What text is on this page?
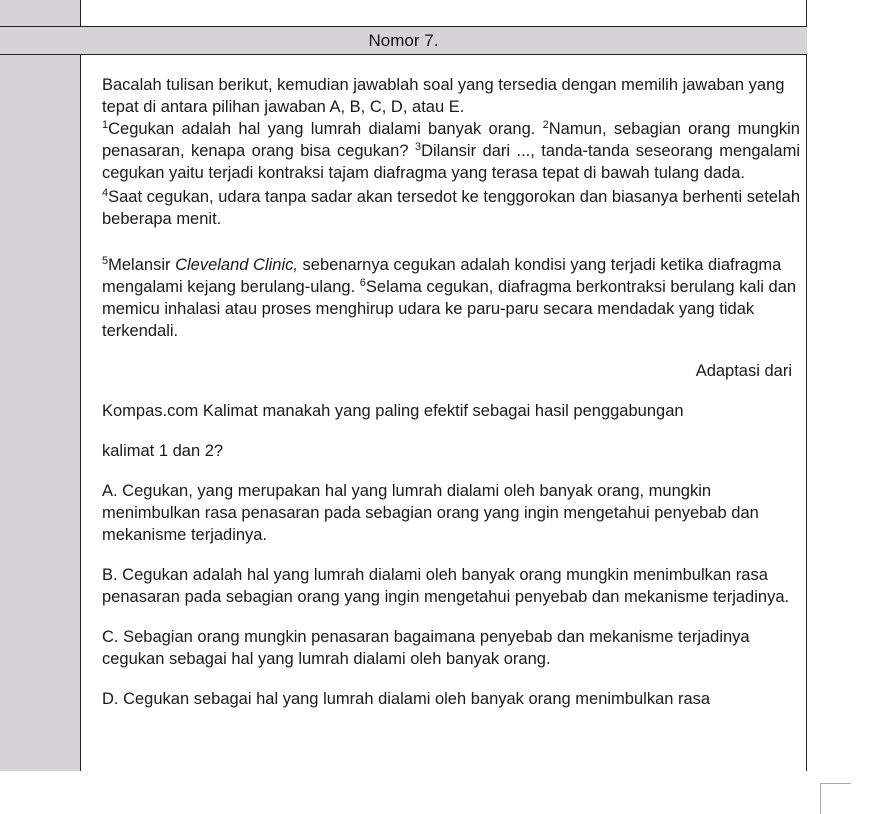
Nomor 7.

Bacalah tulisan berikut, kemudian jawablah soal yang tersedia dengan memilih jawaban yang tepat di antara pilihan jawaban A, B, C, D, atau E.

$^1$Cegukan adalah hal yang lumrah dialami banyak orang. $^2$Namun, sebagian orang mungkin penasaran, kenapa orang bisa cegukan? $^3$Dilansir dari ..., tanda-tanda seseorang mengalami cegukan yaitu terjadi kontraksi tajam diafragma yang terasa tepat di bawah tulang dada.

$^4$Saat cegukan, udara tanpa sadar akan tersedot ke tenggorokan dan biasanya berhenti setelah beberapa menit.

$^5$Melansir Cleveland Clinic, sebenarnya cegukan adalah kondisi yang terjadi ketika diafragma mengalami kejang berulang-ulang. $^6$Selama cegukan, diafragma berkontraksi berulang kali dan memicu inhalasi atau proses menghirup udara ke paru-paru secara mendadak yang tidak terkendali.

Adaptasi dari

Kompas.com Kalimat manakah yang paling efektif sebagai hasil penggabungan

kalimat 1 dan 2?

A. Cegukan, yang merupakan hal yang lumrah dialami oleh banyak orang, mungkin menimbulkan rasa penasaran pada sebagian orang yang ingin mengetahui penyebab dan mekanisme terjadinya.

B. Cegukan adalah hal yang lumrah dialami oleh banyak orang mungkin menimbulkan rasa penasaran pada sebagian orang yang ingin mengetahui penyebab dan mekanisme terjadinya.

C. Sebagian orang mungkin penasaran bagaimana penyebab dan mekanisme terjadinya cegukan sebagai hal yang lumrah dialami oleh banyak orang.

D. Cegukan sebagai hal yang lumrah dialami oleh banyak orang menimbulkan rasa
